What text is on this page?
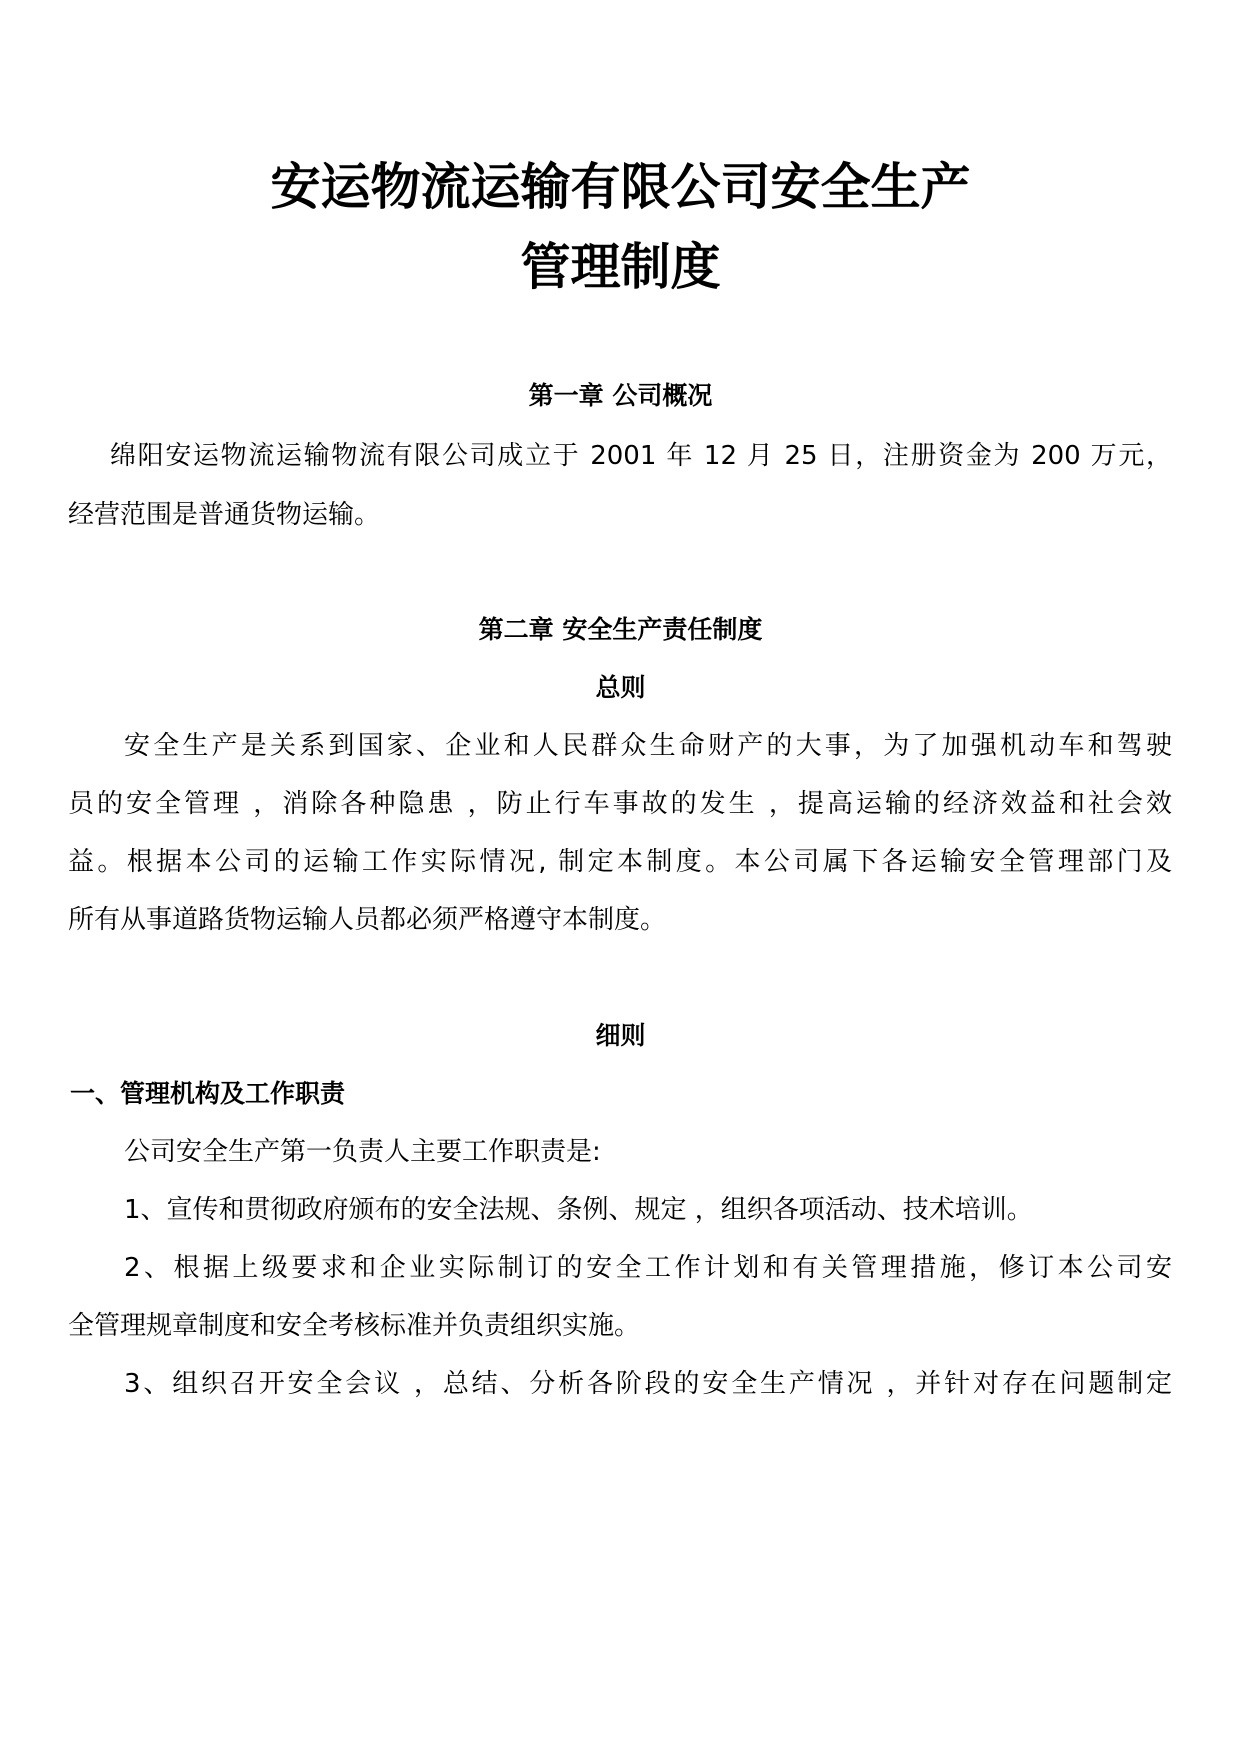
安运物流运输有限公司安全生产
管理制度
第一章 公司概况
绵阳安运物流运输物流有限公司成立于 2001 年 12 月 25 日，注册资金为 200 万元，
经营范围是普通货物运输。
第二章 安全生产责任制度
总则
安全生产是关系到国家、企业和人民群众生命财产的大事，为了加强机动车和驾驶
员的安全管理 ，消除各种隐患 ，防止行车事故的发生 ，提高运输的经济效益和社会效
益。根据本公司的运输工作实际情况, 制定本制度。本公司属下各运输安全管理部门及
所有从事道路货物运输人员都必须严格遵守本制度。
细则
一、管理机构及工作职责
公司安全生产第一负责人主要工作职责是:
1、宣传和贯彻政府颁布的安全法规、条例、规定 ，组织各项活动、技术培训。
2、根据上级要求和企业实际制订的安全工作计划和有关管理措施，修订本公司安
全管理规章制度和安全考核标准并负责组织实施。
3、组织召开安全会议 ，总结、分析各阶段的安全生产情况 ，并针对存在问题制定
